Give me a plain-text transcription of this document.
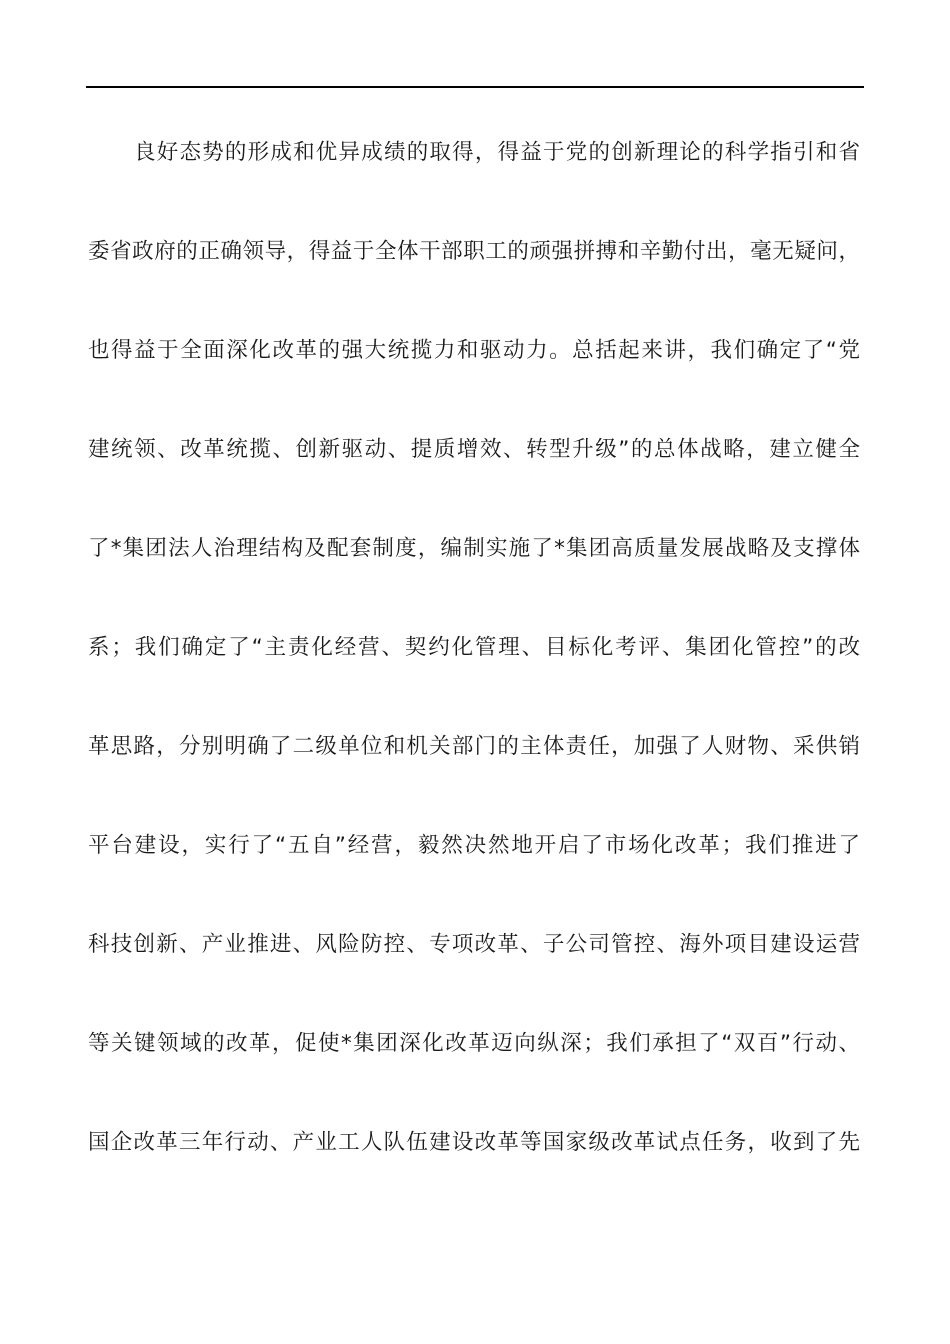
良好态势的形成和优异成绩的取得，得益于党的创新理论的科学指引和省
委省政府的正确领导，得益于全体干部职工的顽强拼搏和辛勤付出，毫无疑问，
也得益于全面深化改革的强大统揽力和驱动力。总括起来讲，我们确定了“党
建统领、改革统揽、创新驱动、提质增效、转型升级”的总体战略，建立健全
了*集团法人治理结构及配套制度，编制实施了*集团高质量发展战略及支撑体
系；我们确定了“主责化经营、契约化管理、目标化考评、集团化管控”的改
革思路，分别明确了二级单位和机关部门的主体责任，加强了人财物、采供销
平台建设，实行了“五自”经营，毅然决然地开启了市场化改革；我们推进了
科技创新、产业推进、风险防控、专项改革、子公司管控、海外项目建设运营
等关键领域的改革，促使*集团深化改革迈向纵深；我们承担了“双百”行动、
国企改革三年行动、产业工人队伍建设改革等国家级改革试点任务，收到了先
